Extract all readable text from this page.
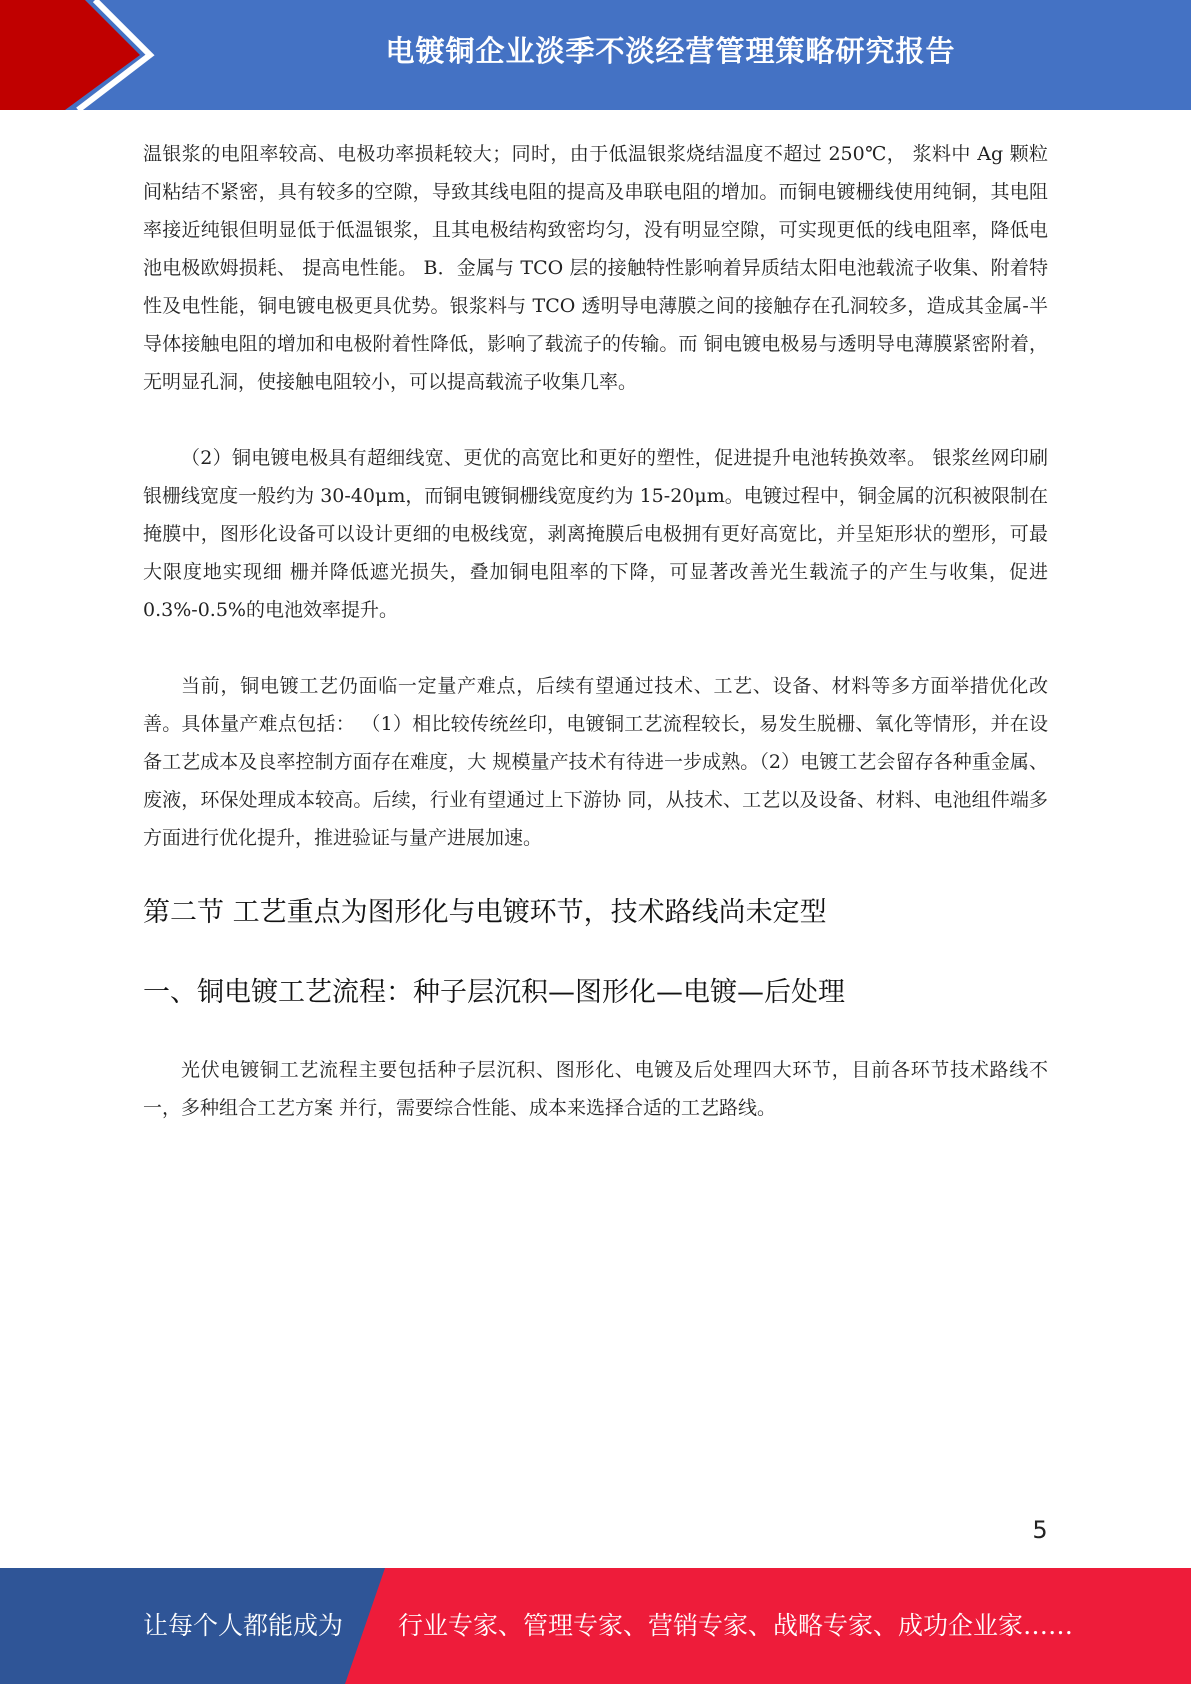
电镀铜企业淡季不淡经营管理策略研究报告

温银浆的电阻率较高、电极功率损耗较大；同时，由于低温银浆烧结温度不超过 250℃， 浆料中 Ag 颗粒间粘结不紧密，具有较多的空隙，导致其线电阻的提高及串联电阻的增加。而铜电镀栅线使用纯铜，其电阻 率接近纯银但明显低于低温银浆，且其电极结构致密均匀，没有明显空隙，可实现更低的线电阻率，降低电池电极欧姆损耗、 提高电性能。 B．金属与 TCO 层的接触特性影响着异质结太阳电池载流子收集、附着特性及电性能，铜电镀电极更具优势。银浆料与 TCO 透明导电薄膜之间的接触存在孔洞较多，造成其金属-半导体接触电阻的增加和电极附着性降低，影响了载流子的传输。而 铜电镀电极易与透明导电薄膜紧密附着，无明显孔洞，使接触电阻较小，可以提高载流子收集几率。

（2）铜电镀电极具有超细线宽、更优的高宽比和更好的塑性，促进提升电池转换效率。 银浆丝网印刷银栅线宽度一般约为 30-40μm，而铜电镀铜栅线宽度约为 15-20μm。电镀过程中，铜金属的沉积被限制在 掩膜中，图形化设备可以设计更细的电极线宽，剥离掩膜后电极拥有更好高宽比，并呈矩形状的塑形，可最大限度地实现细 栅并降低遮光损失，叠加铜电阻率的下降，可显著改善光生载流子的产生与收集，促进 0.3%-0.5%的电池效率提升。

当前，铜电镀工艺仍面临一定量产难点，后续有望通过技术、工艺、设备、材料等多方面举措优化改善。具体量产难点包括： （1）相比较传统丝印，电镀铜工艺流程较长，易发生脱栅、氧化等情形，并在设备工艺成本及良率控制方面存在难度，大 规模量产技术有待进一步成熟。（2）电镀工艺会留存各种重金属、废液，环保处理成本较高。后续，行业有望通过上下游协 同，从技术、工艺以及设备、材料、电池组件端多方面进行优化提升，推进验证与量产进展加速。

第二节 工艺重点为图形化与电镀环节，技术路线尚未定型
一、铜电镀工艺流程：种子层沉积—图形化—电镀—后处理

光伏电镀铜工艺流程主要包括种子层沉积、图形化、电镀及后处理四大环节，目前各环节技术路线不一，多种组合工艺方案 并行，需要综合性能、成本来选择合适的工艺路线。

5
让每个人都能成为 行业专家、管理专家、营销专家、战略专家、成功企业家……
